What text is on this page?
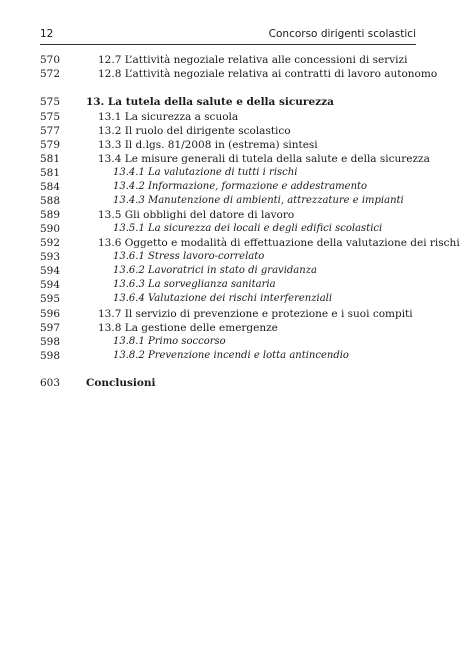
12	Concorso dirigenti scolastici
570	12.7 L’attività negoziale relativa alle concessioni di servizi
572	12.8 L’attività negoziale relativa ai contratti di lavoro autonomo
575	13. La tutela della salute e della sicurezza
575	13.1 La sicurezza a scuola
577	13.2 Il ruolo del dirigente scolastico
579	13.3 Il d.lgs. 81/2008 in (estrema) sintesi
581	13.4 Le misure generali di tutela della salute e della sicurezza
581	13.4.1 La valutazione di tutti i rischi
584	13.4.2 Informazione, formazione e addestramento
588	13.4.3 Manutenzione di ambienti, attrezzature e impianti
589	13.5 Gli obblighi del datore di lavoro
590	13.5.1 La sicurezza dei locali e degli edifici scolastici
592	13.6 Oggetto e modalità di effettuazione della valutazione dei rischi
593	13.6.1 Stress lavoro-correlato
594	13.6.2 Lavoratrici in stato di gravidanza
594	13.6.3 La sorveglianza sanitaria
595	13.6.4 Valutazione dei rischi interferenziali
596	13.7 Il servizio di prevenzione e protezione e i suoi compiti
597	13.8 La gestione delle emergenze
598	13.8.1 Primo soccorso
598	13.8.2 Prevenzione incendi e lotta antincendio
603	Conclusioni
